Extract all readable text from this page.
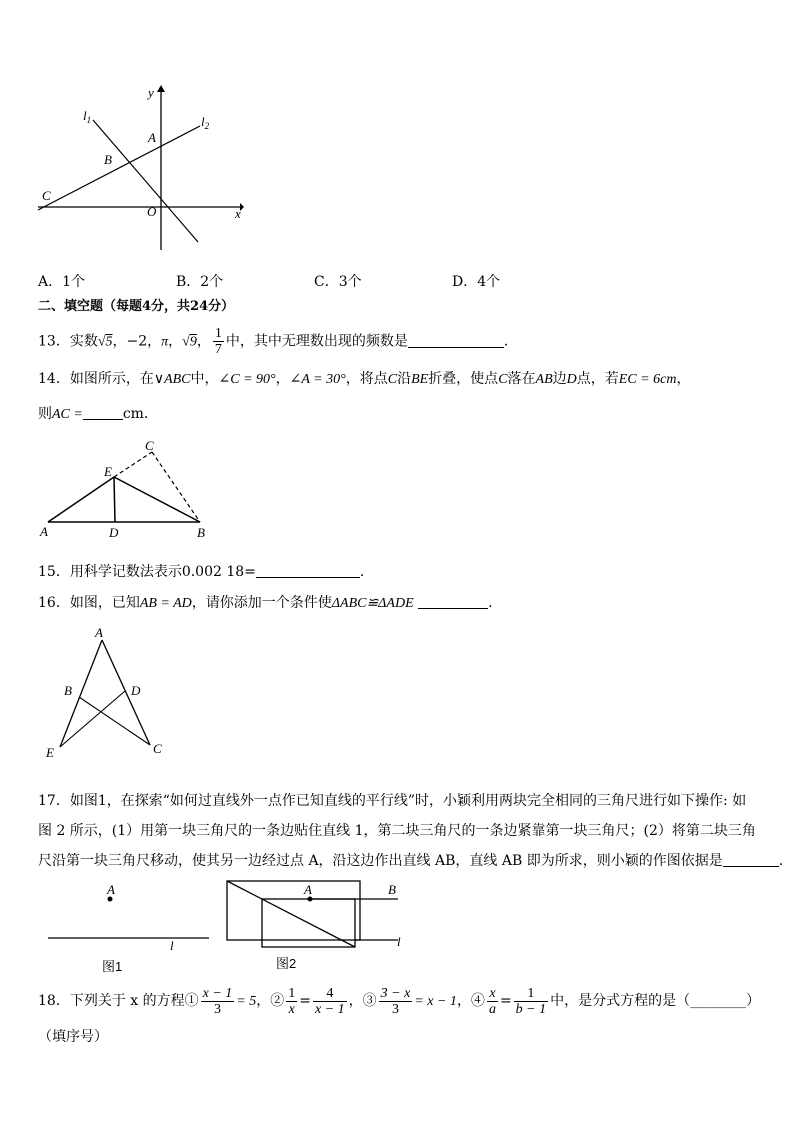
y
$l_1$	$l_2$
A
B
C
O	x
A．1个	B．2个	C．3个	D．4个
二、填空题（每题4分，共24分）
13．实数√5，−2，π，√9， $\frac{1}{7}$ 中，其中无理数出现的频数是	.
14．如图所示，在∨ABC中，∠C = 90°，∠A = 30°，将点C沿BE折叠，使点C落在AB边D点，若EC = 6cm，
则AC =	cm．
A	D	B
E
C
15．用科学记数法表示0.002 18=	.
16．如图，已知AB = AD，请你添加一个条件使ΔABC≌ΔADE	.
A
B	D
E	C
17．如图1，在探索“如何过直线外一点作已知直线的平行线”时，小颖利用两块完全相同的三角尺进行如下操作: 如
图 2 所示，(1）用第一块三角尺的一条边贴住直线 1，第二块三角尺的一条边紧靠第一块三角尺；(2）将第二块三角
尺沿第一块三角尺移动，使其另一边经过点 A，沿这边作出直线 AB，直线 AB 即为所求，则小颖的作图依据是	.
A
l
图1
A	B
l
图2
18．下列关于 x 的方程① $\frac{x - 1}{3} = 5$，② $\frac{1}{x} = \frac{4}{x - 1}$ ，③ $\frac{3 - x}{3} = x - 1$，④ $\frac{x}{a} = \frac{1}{b - 1}$ 中，是分式方程的是（________）
（填序号）
